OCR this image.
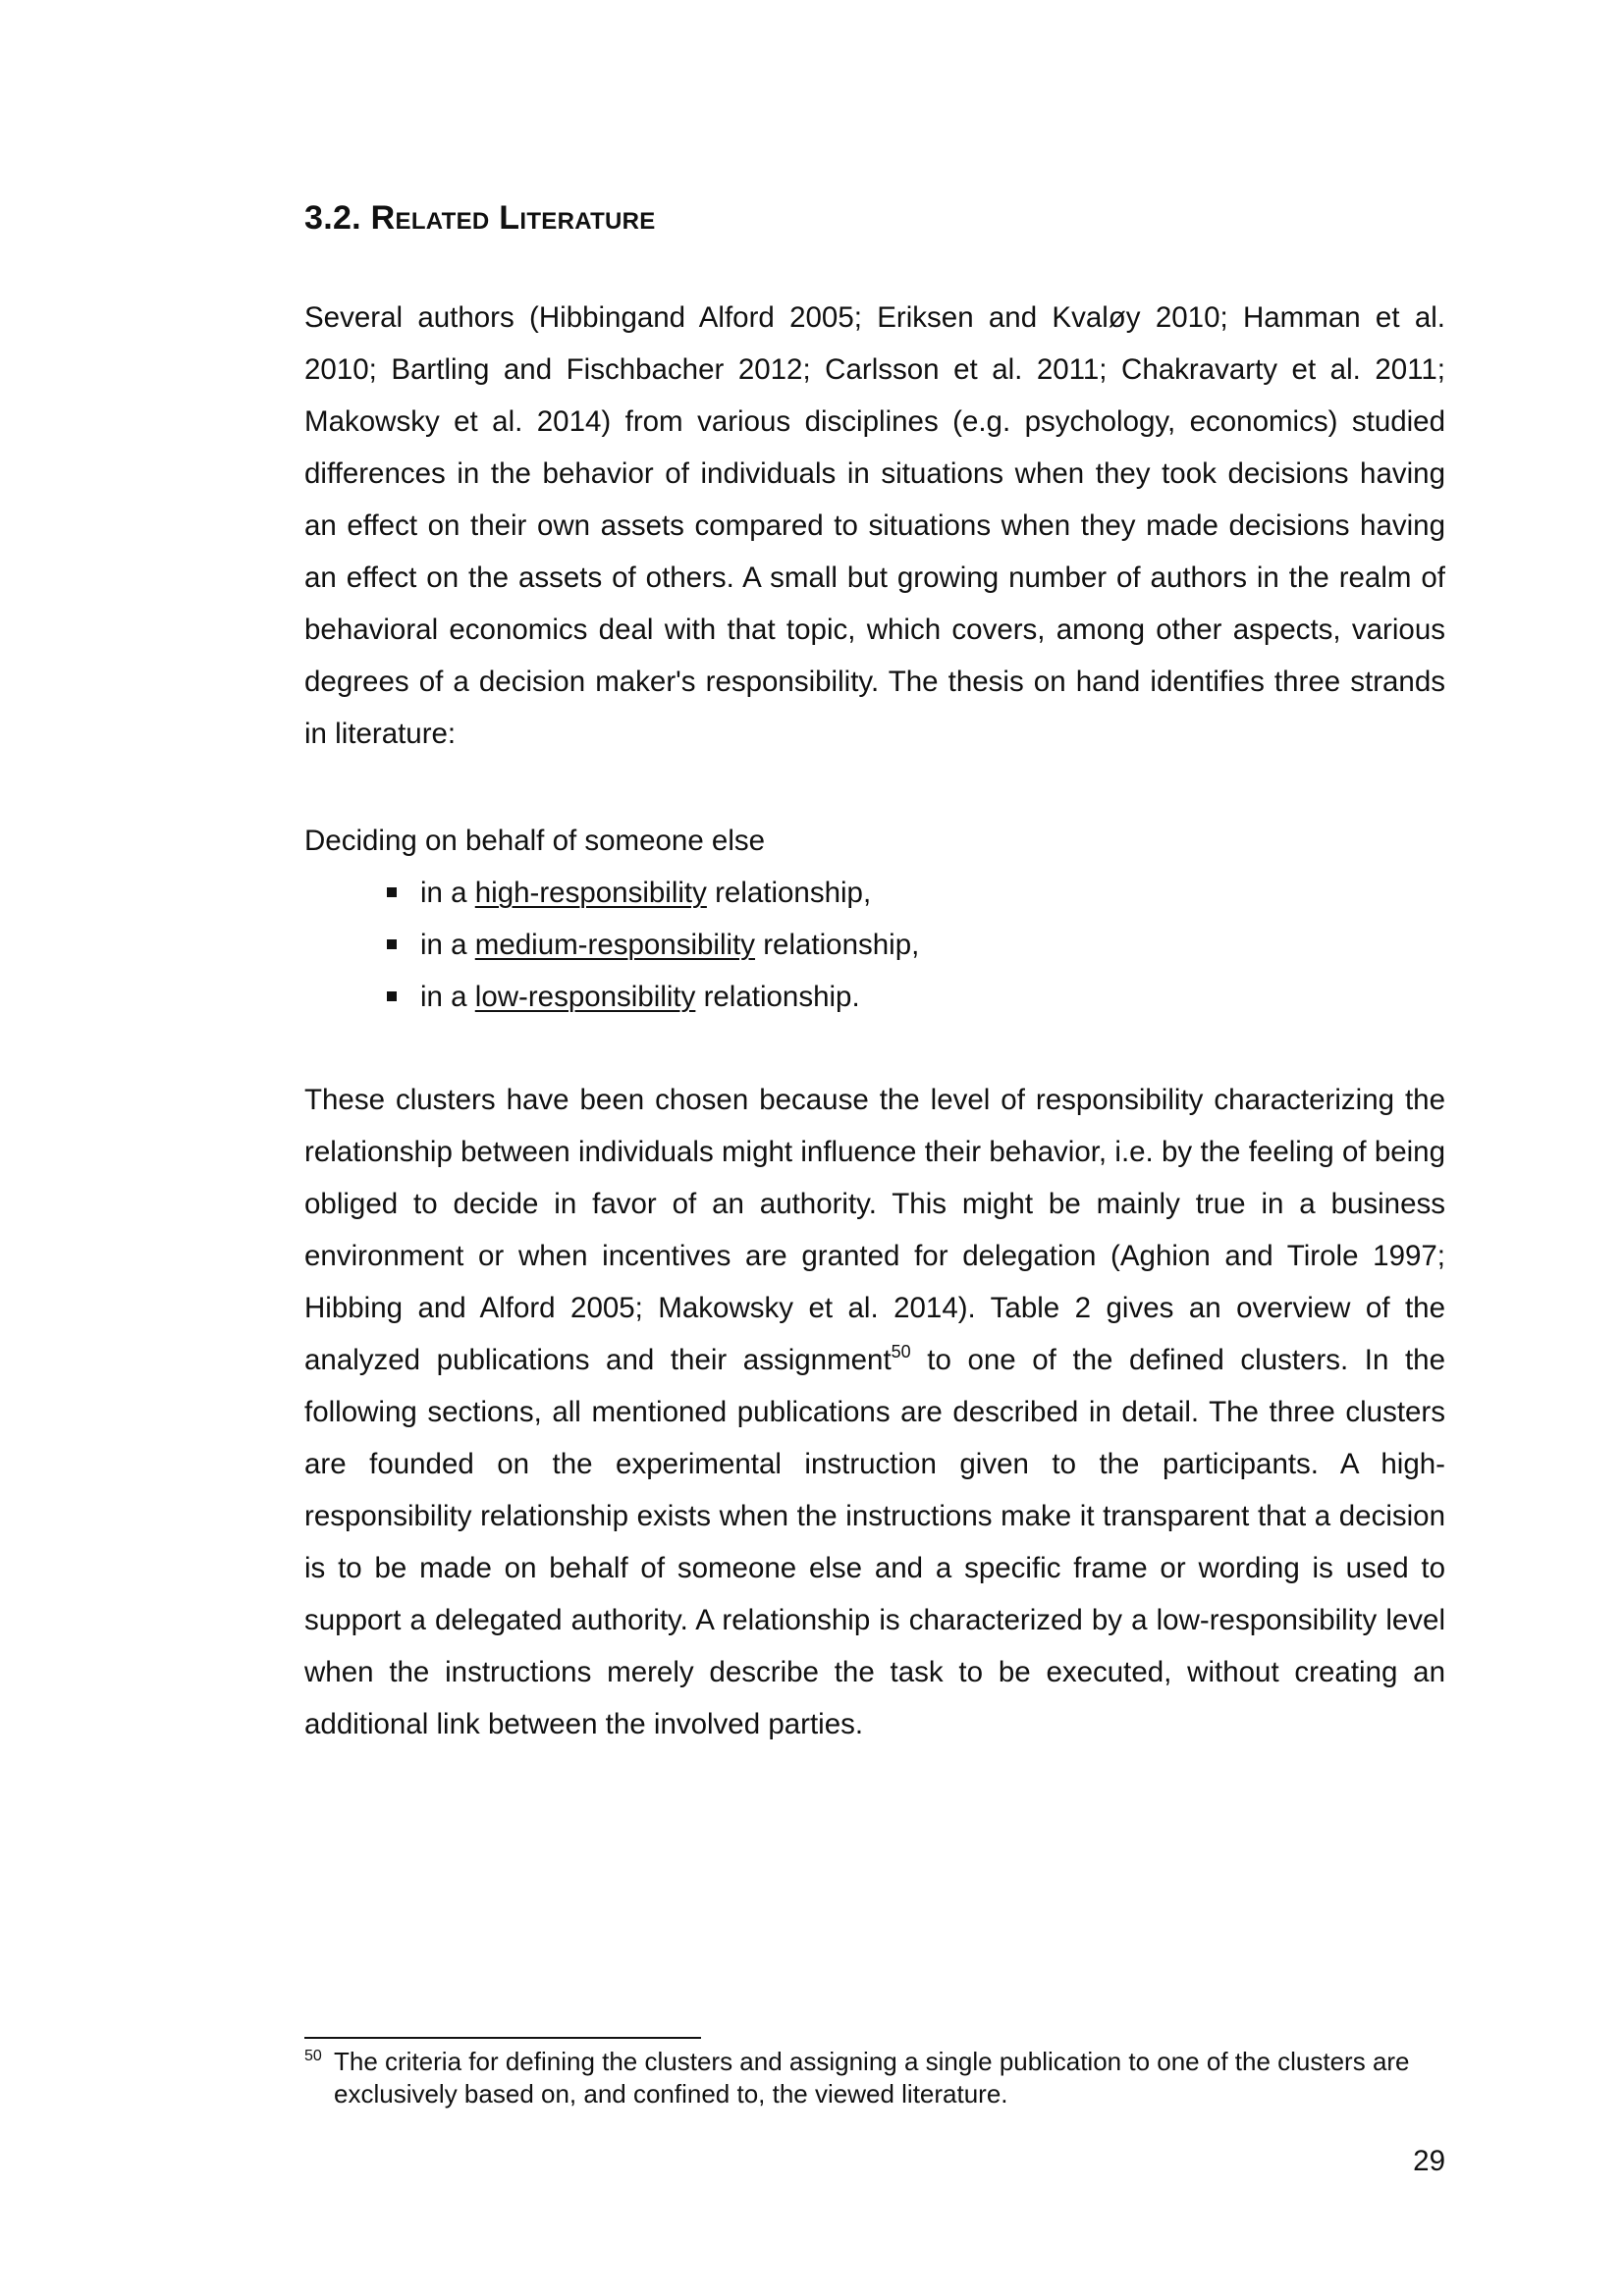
3.2. Related Literature

Several authors (Hibbingand Alford 2005; Eriksen and Kvaløy 2010; Hamman et al. 2010; Bartling and Fischbacher 2012; Carlsson et al. 2011; Chakravarty et al. 2011; Makowsky et al. 2014) from various disciplines (e.g. psychology, economics) studied differences in the behavior of individuals in situations when they took decisions having an effect on their own assets compared to situations when they made decisions having an effect on the assets of others. A small but growing number of authors in the realm of behavioral economics deal with that topic, which covers, among other aspects, various degrees of a decision maker's responsibility. The thesis on hand identifies three strands in literature:

Deciding on behalf of someone else

in a high-responsibility relationship,
in a medium-responsibility relationship,
in a low-responsibility relationship.

These clusters have been chosen because the level of responsibility characterizing the relationship between individuals might influence their behavior, i.e. by the feeling of being obliged to decide in favor of an authority. This might be mainly true in a business environment or when incentives are granted for delegation (Aghion and Tirole 1997; Hibbing and Alford 2005; Makowsky et al. 2014). Table 2 gives an overview of the analyzed publications and their assignment$^{50}$ to one of the defined clusters. In the following sections, all mentioned publications are described in detail. The three clusters are founded on the experimental instruction given to the participants. A high-responsibility relationship exists when the instructions make it transparent that a decision is to be made on behalf of someone else and a specific frame or wording is used to support a delegated authority. A relationship is characterized by a low-responsibility level when the instructions merely describe the task to be executed, without creating an additional link between the involved parties.

50 The criteria for defining the clusters and assigning a single publication to one of the clusters are exclusively based on, and confined to, the viewed literature.

29
